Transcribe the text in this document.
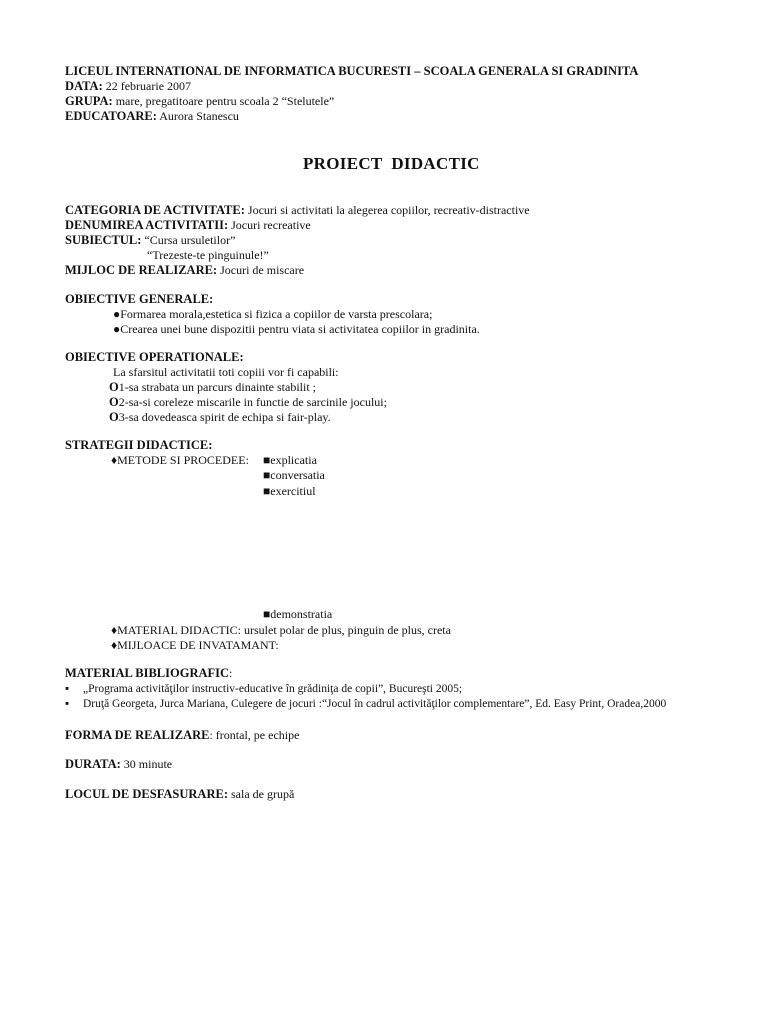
LICEUL INTERNATIONAL DE INFORMATICA BUCURESTI – SCOALA GENERALA SI GRADINITA
DATA: 22 februarie 2007
GRUPA: mare, pregatitoare pentru scoala 2 “Stelutele”
EDUCATOARE: Aurora Stanescu
PROIECT  DIDACTIC
CATEGORIA DE ACTIVITATE: Jocuri si activitati la alegerea copiilor, recreativ-distractive
DENUMIREA ACTIVITATII: Jocuri recreative
SUBIECTUL: “Cursa ursuletilor”
“Trezeste-te pinguinule!”
MIJLOC DE REALIZARE: Jocuri de miscare
OBIECTIVE GENERALE:
●Formarea morala,estetica si fizica a copiilor de varsta prescolara;
●Crearea unei bune dispozitii pentru viata si activitatea copiilor in gradinita.
OBIECTIVE OPERATIONALE:
La sfarsitul activitatii toti copiii vor fi capabili:
O1-sa strabata un parcurs dinainte stabilit ;
O2-sa-si coreleze miscarile in functie de sarcinile jocului;
O3-sa dovedeasca spirit de echipa si fair-play.
STRATEGII DIDACTICE:
♦METODE SI PROCEDEE: ■explicatia
■conversatia
■exercitiul
■demonstratia
♦MATERIAL DIDACTIC: ursulet polar de plus, pinguin de plus, creta
♦MIJLOACE DE INVATAMANT:
MATERIAL BIBLIOGRAFIC:
▪ „Programa activităţilor instructiv-educative în grădiniţa de copii”, Bucureşti 2005;
▪ Druţă Georgeta, Jurca Mariana, Culegere de jocuri :“Jocul în cadrul activităţilor complementare”, Ed. Easy Print, Oradea,2000
FORMA DE REALIZARE: frontal, pe echipe
DURATA: 30 minute
LOCUL DE DESFASURARE: sala de grupă
